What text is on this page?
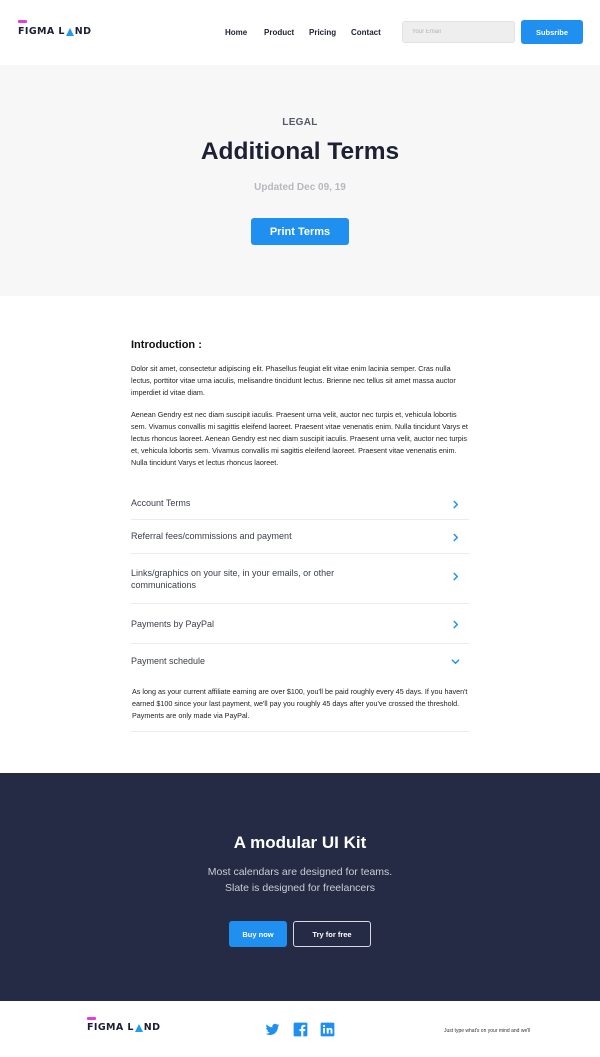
FIGMA L ND	Home Product Pricing Contact
Your Email	Subsribe
LEGAL
Additional Terms
Updated Dec 09, 19
Print Terms
Introduction :

Dolor sit amet, consectetur adipiscing elit. Phasellus feugiat elit vitae enim lacinia semper. Cras nulla lectus, porttitor vitae urna iaculis, melisandre tincidunt lectus. Brienne nec tellus sit amet massa auctor imperdiet id vitae diam.

Aenean Gendry est nec diam suscipit iaculis. Praesent urna velit, auctor nec turpis et, vehicula lobortis sem. Vivamus convallis mi sagittis eleifend laoreet. Praesent vitae venenatis enim. Nulla tincidunt Varys et lectus rhoncus laoreet. Aenean Gendry est nec diam suscipit iaculis. Praesent urna velit, auctor nec turpis et, vehicula lobortis sem. Vivamus convallis mi sagittis eleifend laoreet. Praesent vitae venenatis enim. Nulla tincidunt Varys et lectus rhoncus laoreet.

Account Terms
Referral fees/commissions and payment
Links/graphics on your site, in your emails, or other communications
Payments by PayPal
Payment schedule

As long as your current affiliate earning are over $100, you'll be paid roughly every 45 days. If you haven't earned $100 since your last payment, we'll pay you roughly 45 days after you've crossed the threshold. Payments are only made via PayPal.

A modular UI Kit

Most calendars are designed for teams.

Slate is designed for freelancers

Buy now	Try for free
FIGMA L ND	Just type what's on your mind and we'll
